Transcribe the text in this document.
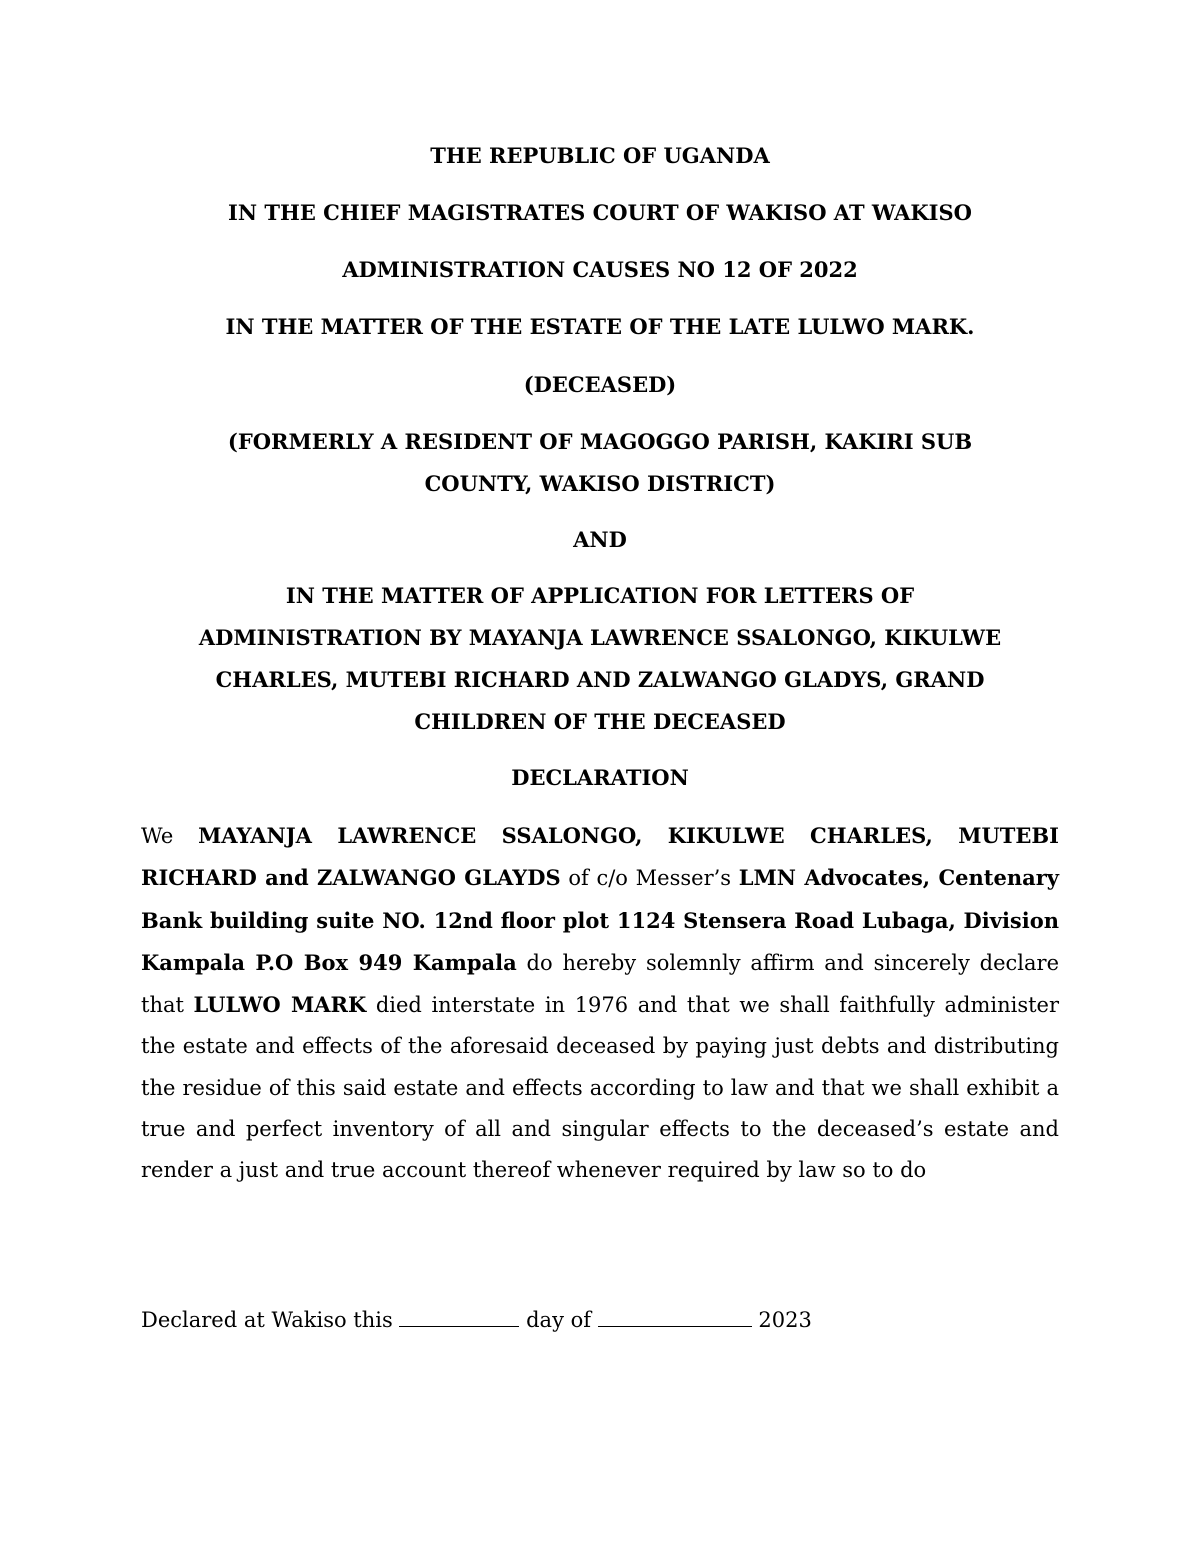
THE REPUBLIC OF UGANDA

IN THE CHIEF MAGISTRATES COURT OF WAKISO AT WAKISO

ADMINISTRATION CAUSES NO 12 OF 2022

IN THE MATTER OF THE ESTATE OF THE LATE LULWO MARK.

(DECEASED)

(FORMERLY A RESIDENT OF MAGOGGO PARISH, KAKIRI SUB

COUNTY, WAKISO DISTRICT)

AND

IN THE MATTER OF APPLICATION FOR LETTERS OF

ADMINISTRATION BY MAYANJA LAWRENCE SSALONGO, KIKULWE

CHARLES, MUTEBI RICHARD AND ZALWANGO GLADYS, GRAND

CHILDREN OF THE DECEASED

DECLARATION

We MAYANJA LAWRENCE SSALONGO, KIKULWE CHARLES, MUTEBI RICHARD and ZALWANGO GLAYDS of c/o Messer’s LMN Advocates, Centenary Bank building suite NO. 12nd floor plot 1124 Stensera Road Lubaga, Division Kampala P.O Box 949 Kampala do hereby solemnly affirm and sincerely declare that LULWO MARK died interstate in 1976 and that we shall faithfully administer the estate and effects of the aforesaid deceased by paying just debts and distributing the residue of this said estate and effects according to law and that we shall exhibit a true and perfect inventory of all and singular effects to the deceased’s estate and render a just and true account thereof whenever required by law so to do

Declared at Wakiso this	day of	2023
